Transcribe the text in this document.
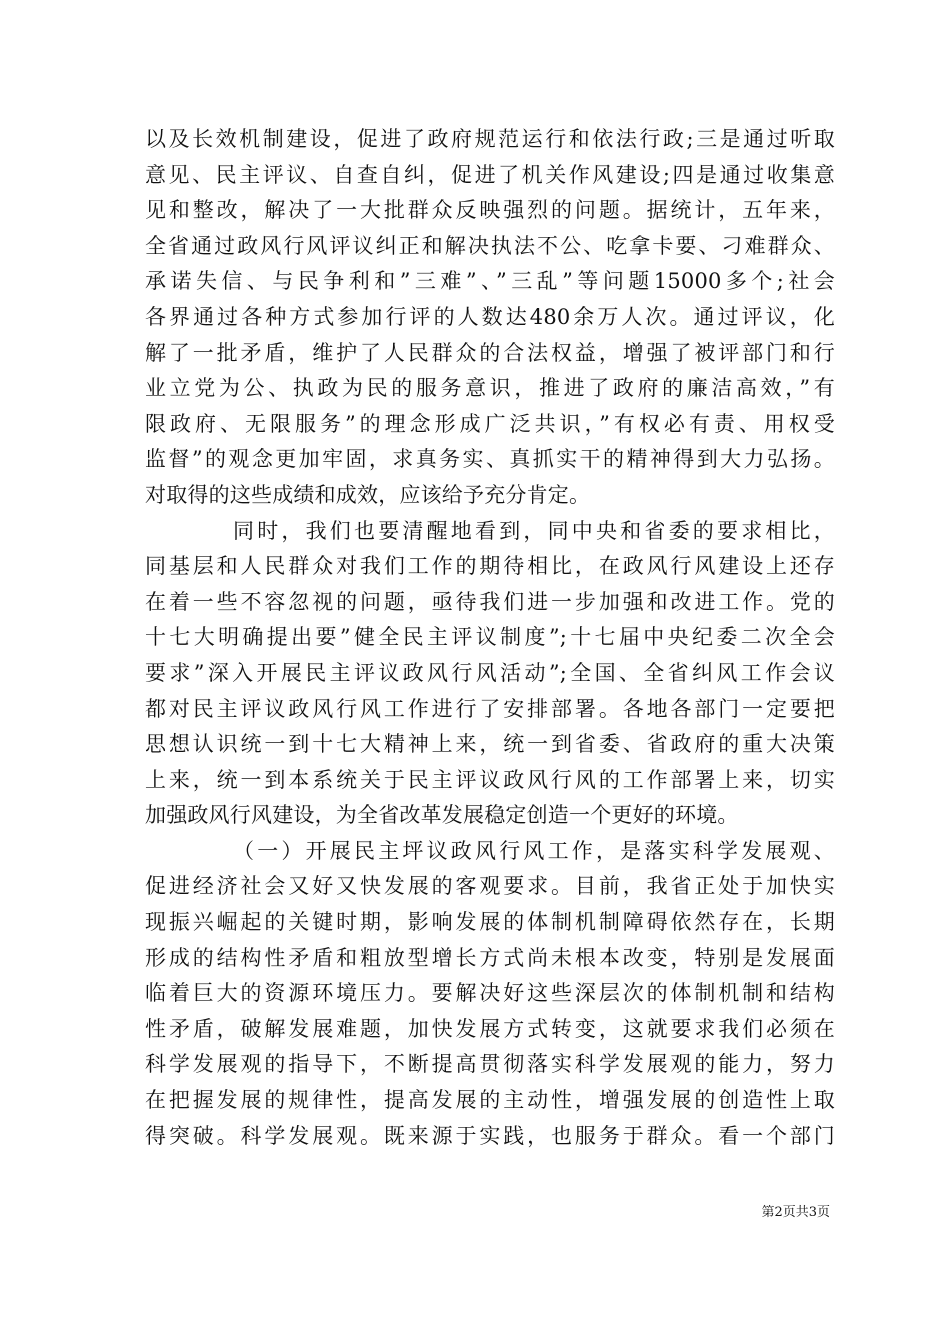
以及长效机制建设，促进了政府规范运行和依法行政;三是通过听取
意见、民主评议、自查自纠，促进了机关作风建设;四是通过收集意
见和整改，解决了一大批群众反映强烈的问题。据统计，五年来，
全省通过政风行风评议纠正和解决执法不公、吃拿卡要、刁难群众、
承诺失信、与民争利和”三难”、”三乱”等问题15000多个;社会
各界通过各种方式参加行评的人数达480余万人次。通过评议，化
解了一批矛盾，维护了人民群众的合法权益，增强了被评部门和行
业立党为公、执政为民的服务意识，推进了政府的廉洁高效，”有
限政府、无限服务”的理念形成广泛共识，”有权必有责、用权受
监督”的观念更加牢固，求真务实、真抓实干的精神得到大力弘扬。
对取得的这些成绩和成效，应该给予充分肯定。
同时，我们也要清醒地看到，同中央和省委的要求相比，
同基层和人民群众对我们工作的期待相比，在政风行风建设上还存
在着一些不容忽视的问题，亟待我们进一步加强和改进工作。党的
十七大明确提出要”健全民主评议制度”;十七届中央纪委二次全会
要求”深入开展民主评议政风行风活动”;全国、全省纠风工作会议
都对民主评议政风行风工作进行了安排部署。各地各部门一定要把
思想认识统一到十七大精神上来，统一到省委、省政府的重大决策
上来，统一到本系统关于民主评议政风行风的工作部署上来，切实
加强政风行风建设，为全省改革发展稳定创造一个更好的环境。
（一）开展民主坪议政风行风工作，是落实科学发展观、
促进经济社会又好又快发展的客观要求。目前，我省正处于加快实
现振兴崛起的关键时期，影响发展的体制机制障碍依然存在，长期
形成的结构性矛盾和粗放型增长方式尚未根本改变，特别是发展面
临着巨大的资源环境压力。要解决好这些深层次的体制机制和结构
性矛盾，破解发展难题，加快发展方式转变，这就要求我们必须在
科学发展观的指导下，不断提高贯彻落实科学发展观的能力，努力
在把握发展的规律性，提高发展的主动性，增强发展的创造性上取
得突破。科学发展观。既来源于实践，也服务于群众。看一个部门
第2页共3页
